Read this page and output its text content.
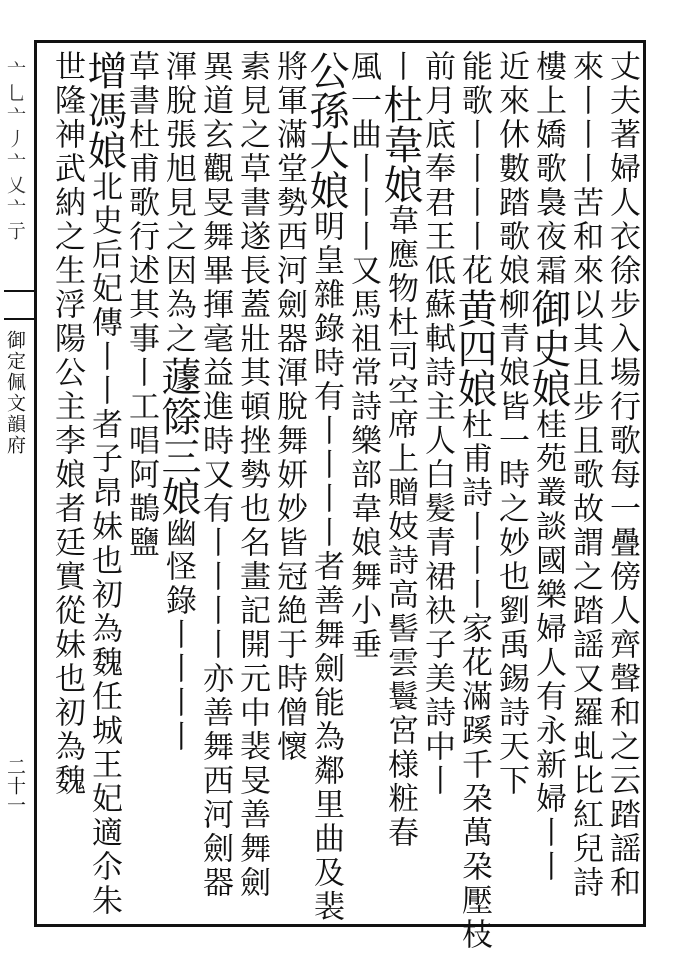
亠乚亠丿亠乂亠亍
御定佩文韻府
二十一	丈夫著婦人衣徐步入場行歌每一疊傍人齊聲和之云踏謡和
來丨丨丨苦和來以其且步且歌故謂之踏謡又羅虬比紅兒詩
樓上嬌歌裊夜霜御史娘桂苑叢談國樂婦人有永新婦丨丨
近來休數踏歌娘柳青娘皆一時之妙也劉禹錫詩天下
能歌丨丨丨丨花黄四娘杜甫詩丨丨丨家花滿蹊千朶萬朶壓枝
前月底奉君王低蘇軾詩主人白髮青裙袂子美詩中丨
丨杜韋娘韋應物杜司空席上贈妓詩高髻雲鬟宮様粧春
風一曲丨丨丨又馬祖常詩樂部韋娘舞小垂
公孫大娘明皇雜錄時有丨丨丨丨者善舞劍能為鄰里曲及裴
將軍滿堂勢西河劍器渾脫舞妍妙皆冠絶于時僧懷
素見之草書遂長蓋壯其頓挫勢也名畫記開元中裴旻善舞劍
異道玄觀旻舞畢揮毫益進時又有丨丨丨丨亦善舞西河劍器
渾脫張旭見之因為之蘧篨三娘幽怪錄丨丨丨丨
草書杜甫歌行述其事丨工唱阿鵲鹽
增馮娘北史后妃傳丨丨者子昂妹也初為魏任城王妃適尒朱
世隆神武納之生浮陽公主李娘者廷實從妹也初為魏
